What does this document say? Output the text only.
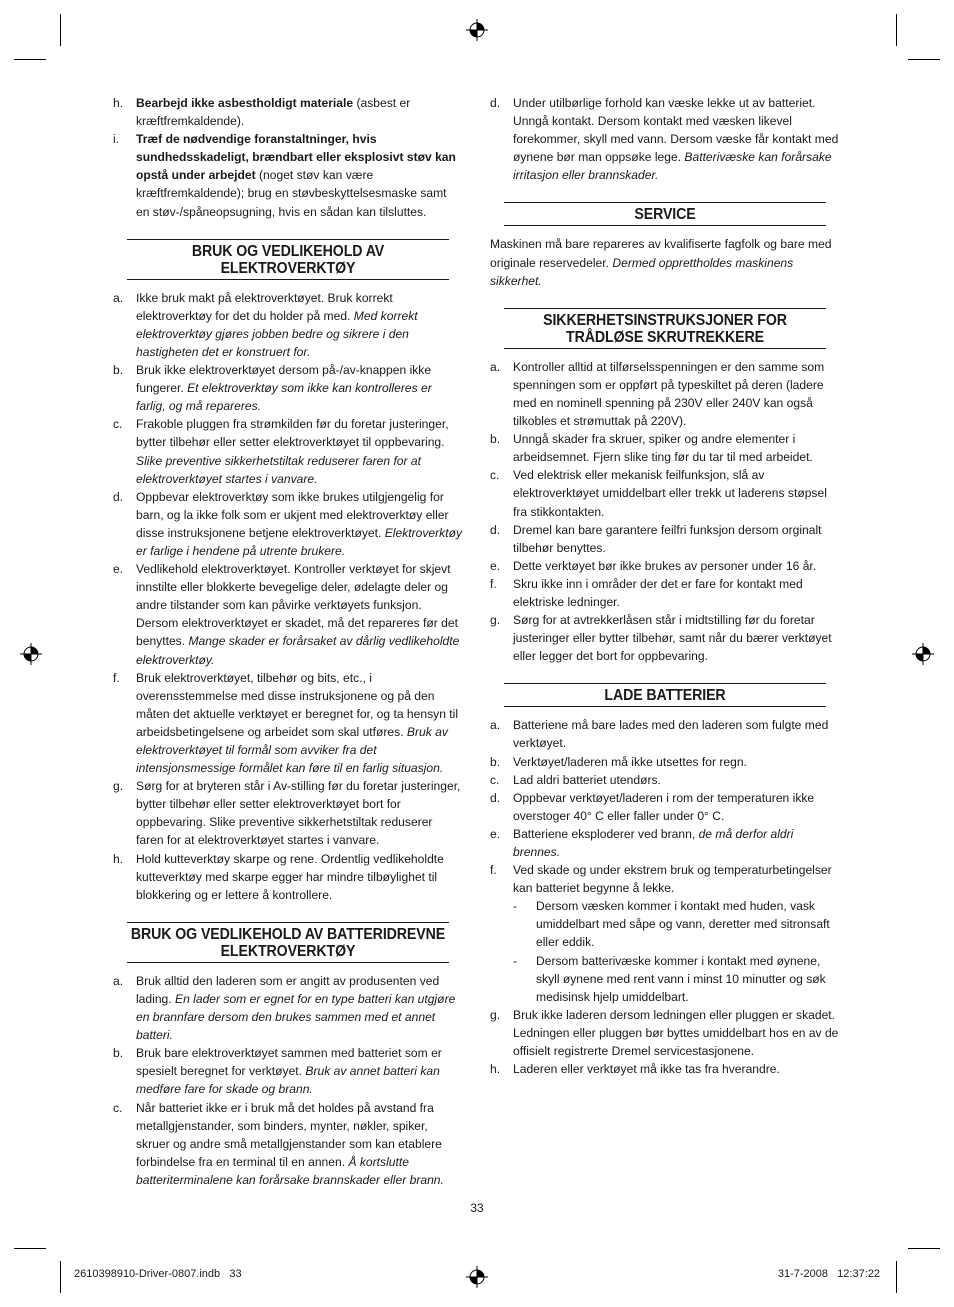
h. Bearbejd ikke asbestholdigt materiale (asbest er kræftfremkaldende).
i. Træf de nødvendige foranstaltninger, hvis sundhedsskadeligt, brændbart eller eksplosivt støv kan opstå under arbejdet (noget støv kan være kræftfremkaldende); brug en støvbeskyttelsesmaske samt en støv-/spåneopsugning, hvis en sådan kan tilsluttes.
BRUK OG VEDLIKEHOLD AV ELEKTROVERKTØY
a. Ikke bruk makt på elektroverktøyet. Bruk korrekt elektroverktøy for det du holder på med. Med korrekt elektroverktøy gjøres jobben bedre og sikrere i den hastigheten det er konstruert for.
b. Bruk ikke elektroverktøyet dersom på-/av-knappen ikke fungerer. Et elektroverktøy som ikke kan kontrolleres er farlig, og må repareres.
c. Frakoble pluggen fra strømkilden før du foretar justeringer, bytter tilbehør eller setter elektroverktøyet til oppbevaring. Slike preventive sikkerhetstiltak reduserer faren for at elektroverktøyet startes i vanvare.
d. Oppbevar elektroverktøy som ikke brukes utilgjengelig for barn, og la ikke folk som er ukjent med elektroverktøy eller disse instruksjonene betjene elektroverktøyet. Elektroverktøy er farlige i hendene på utrente brukere.
e. Vedlikehold elektroverktøyet. Kontroller verktøyet for skjevt innstilte eller blokkerte bevegelige deler, ødelagte deler og andre tilstander som kan påvirke verktøyets funksjon. Dersom elektroverktøyet er skadet, må det repareres før det benyttes. Mange skader er forårsaket av dårlig vedlikeholdte elektroverktøy.
f. Bruk elektroverktøyet, tilbehør og bits, etc., i overensstemmelse med disse instruksjonene og på den måten det aktuelle verktøyet er beregnet for, og ta hensyn til arbeidsbetingelsene og arbeidet som skal utføres. Bruk av elektroverktøyet til formål som avviker fra det intensjonsmessige formålet kan føre til en farlig situasjon.
g. Sørg for at bryteren står i Av-stilling før du foretar justeringer, bytter tilbehør eller setter elektroverktøyet bort for oppbevaring. Slike preventive sikkerhetstiltak reduserer faren for at elektroverktøyet startes i vanvare.
h. Hold kutteverktøy skarpe og rene. Ordentlig vedlikeholdte kutteverktøy med skarpe egger har mindre tilbøylighet til blokkering og er lettere å kontrollere.
BRUK OG VEDLIKEHOLD AV BATTERIDREVNE ELEKTROVERKTØY
a. Bruk alltid den laderen som er angitt av produsenten ved lading. En lader som er egnet for en type batteri kan utgjøre en brannfare dersom den brukes sammen med et annet batteri.
b. Bruk bare elektroverktøyet sammen med batteriet som er spesielt beregnet for verktøyet. Bruk av annet batteri kan medføre fare for skade og brann.
c. Når batteriet ikke er i bruk må det holdes på avstand fra metallgjenstander, som binders, mynter, nøkler, spiker, skruer og andre små metallgjenstander som kan etablere forbindelse fra en terminal til en annen. Å kortslutte batteriterminalene kan forårsake brannskader eller brann.
d. Under utilbørlige forhold kan væske lekke ut av batteriet. Unngå kontakt. Dersom kontakt med væsken likevel forekommer, skyll med vann. Dersom væske får kontakt med øynene bør man oppsøke lege. Batterivæske kan forårsake irritasjon eller brannskader.
SERVICE

Maskinen må bare repareres av kvalifiserte fagfolk og bare med originale reservedeler. Dermed opprettholdes maskinens sikkerhet.

SIKKERHETSINSTRUKSJONER FOR TRÅDLØSE SKRUTREKKERE
a. Kontroller alltid at tilførselsspenningen er den samme som spenningen som er oppført på typeskiltet på deren (ladere med en nominell spenning på 230V eller 240V kan også tilkobles et strømuttak på 220V).
b. Unngå skader fra skruer, spiker og andre elementer i arbeidsemnet. Fjern slike ting før du tar til med arbeidet.
c. Ved elektrisk eller mekanisk feilfunksjon, slå av elektroverktøyet umiddelbart eller trekk ut laderens støpsel fra stikkontakten.
d. Dremel kan bare garantere feilfri funksjon dersom orginalt tilbehør benyttes.
e. Dette verktøyet bør ikke brukes av personer under 16 år.
f. Skru ikke inn i områder der det er fare for kontakt med elektriske ledninger.
g. Sørg for at avtrekkerlåsen står i midtstilling før du foretar justeringer eller bytter tilbehør, samt når du bærer verktøyet eller legger det bort for oppbevaring.
LADE BATTERIER
a. Batteriene må bare lades med den laderen som fulgte med verktøyet.
b. Verktøyet/laderen må ikke utsettes for regn.
c. Lad aldri batteriet utendørs.
d. Oppbevar verktøyet/laderen i rom der temperaturen ikke overstoger 40° C eller faller under 0° C.
e. Batteriene eksploderer ved brann, de må derfor aldri brennes.
f. Ved skade og under ekstrem bruk og temperaturbetingelser kan batteriet begynne å lekke.
- Dersom væsken kommer i kontakt med huden, vask umiddelbart med såpe og vann, deretter med sitronsaft eller eddik.
- Dersom batterivæske kommer i kontakt med øynene, skyll øynene med rent vann i minst 10 minutter og søk medisinsk hjelp umiddelbart.
g. Bruk ikke laderen dersom ledningen eller pluggen er skadet. Ledningen eller pluggen bør byttes umiddelbart hos en av de offisielt registrerte Dremel servicestasjonene.
h. Laderen eller verktøyet må ikke tas fra hverandre.
33
2610398910-Driver-0807.indb   33	31-7-2008   12:37:22
